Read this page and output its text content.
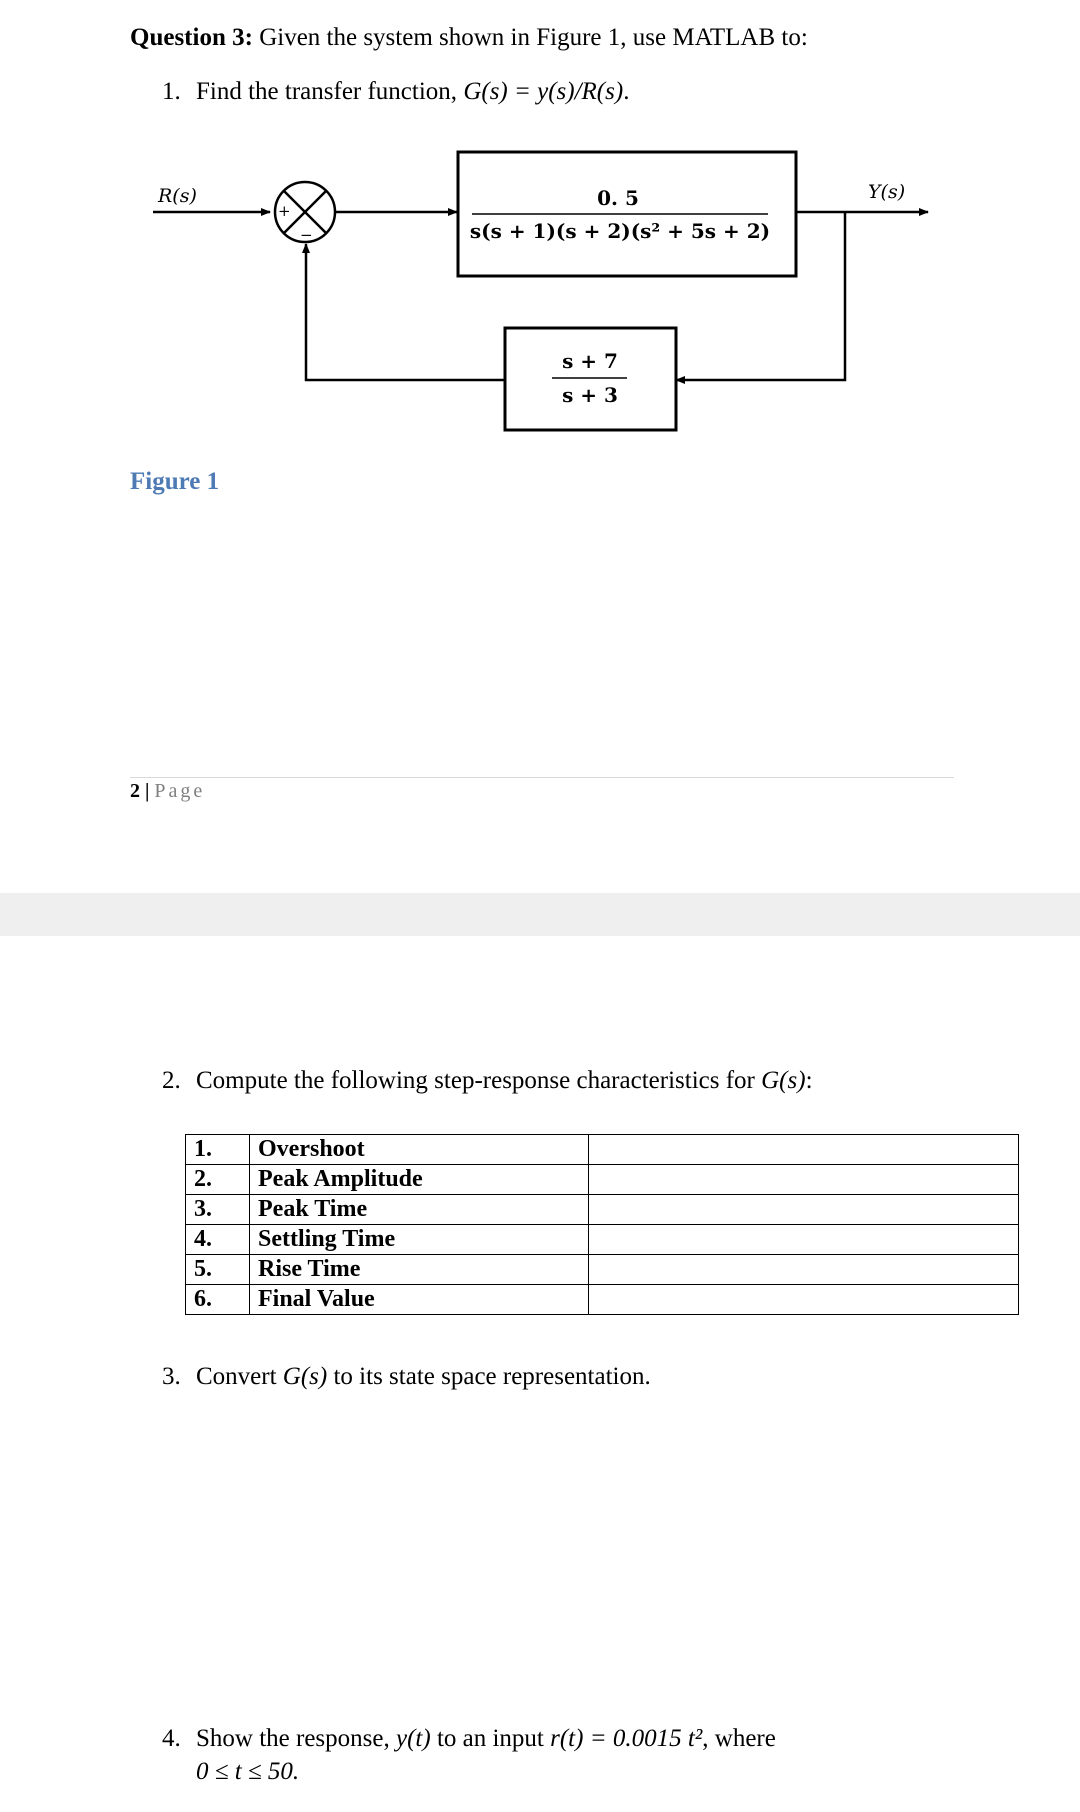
Question 3: Given the system shown in Figure 1, use MATLAB to:
1. Find the transfer function, G(s) = y(s)/R(s).
+
−
0. 5
s(s + 1)(s + 2)(s² + 5s + 2)
s + 7
s + 3
R(s)	Y(s)
Figure 1
2 | Page
2. Compute the following step-response characteristics for G(s):
1.	Overshoot	
2.	Peak Amplitude	
3.	Peak Time	
4.	Settling Time	
5.	Rise Time	
6.	Final Value	
3. Convert G(s) to its state space representation.
4. Show the response, y(t) to an input r(t) = 0.0015 t², where
0 ≤ t ≤ 50.
